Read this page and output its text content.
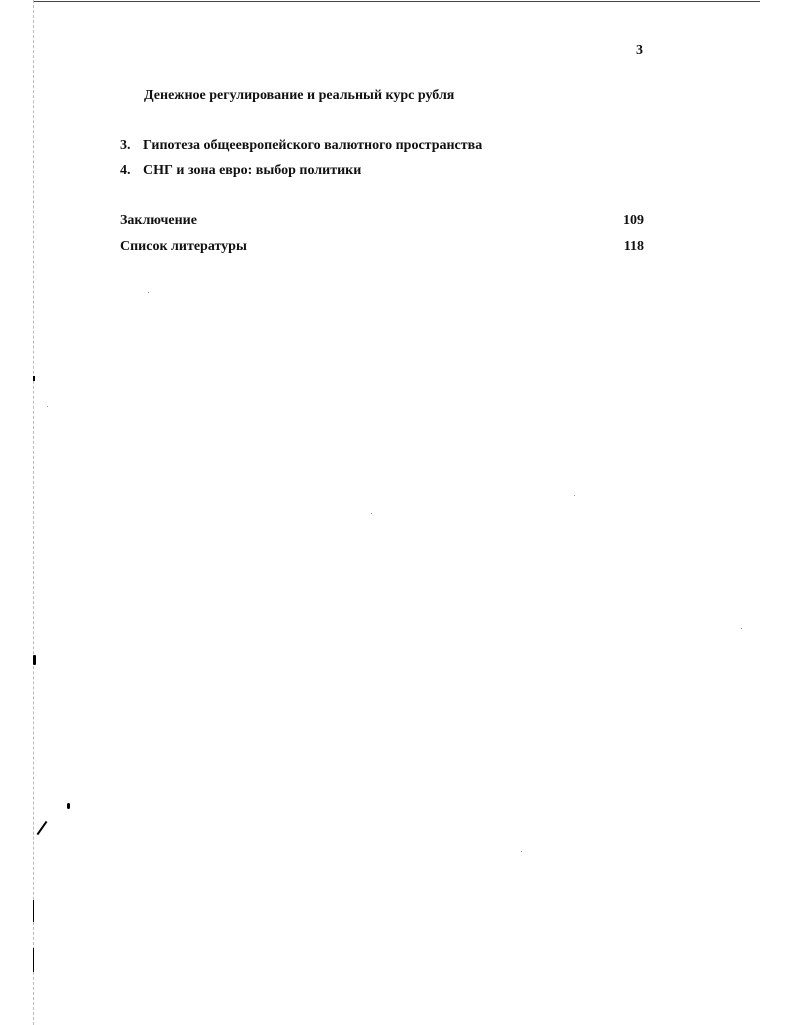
3
Денежное регулирование и реальный курс рубля
3. Гипотеза общеевропейского валютного пространства
4. СНГ и зона евро: выбор политики
Заключение	109
Список литературы	118
